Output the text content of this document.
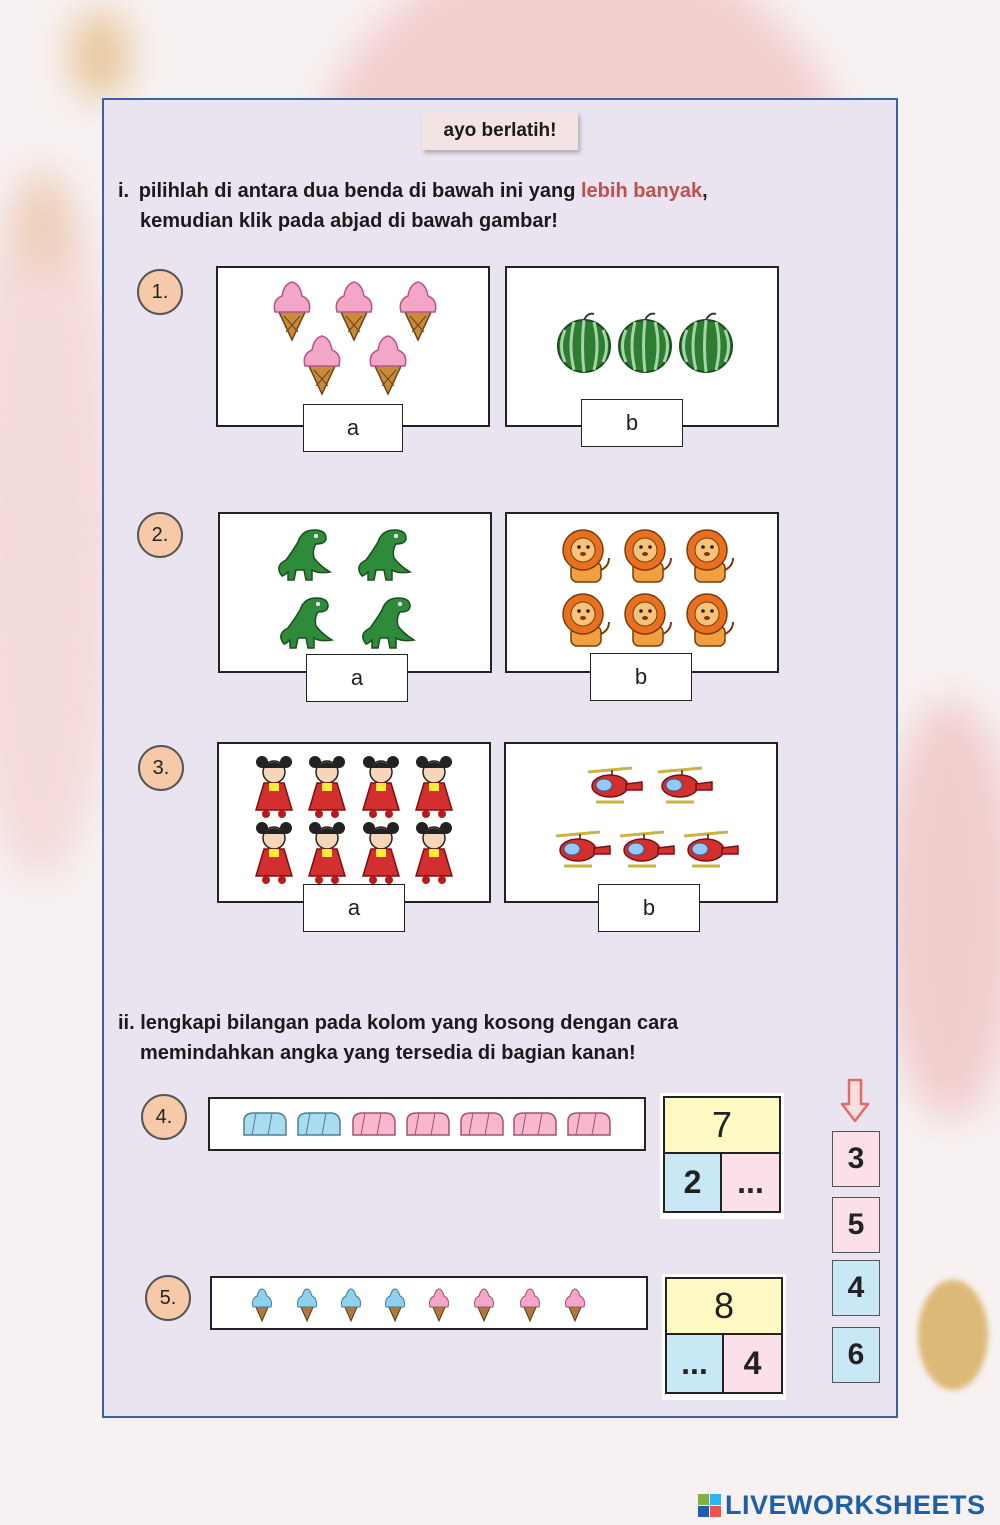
ayo berlatih!
i. pilihlah di antara dua benda di bawah ini yang lebih banyak,
kemudian klik pada abjad di bawah gambar!
1.
a	b
2.
a	b
3.
a	b
ii. lengkapi bilangan pada kolom yang kosong dengan cara
memindahkan angka yang tersedia di bagian kanan!
4.	7
2	...
5.	8
...	4
3
5
4
6
LIVEWORKSHEETS
